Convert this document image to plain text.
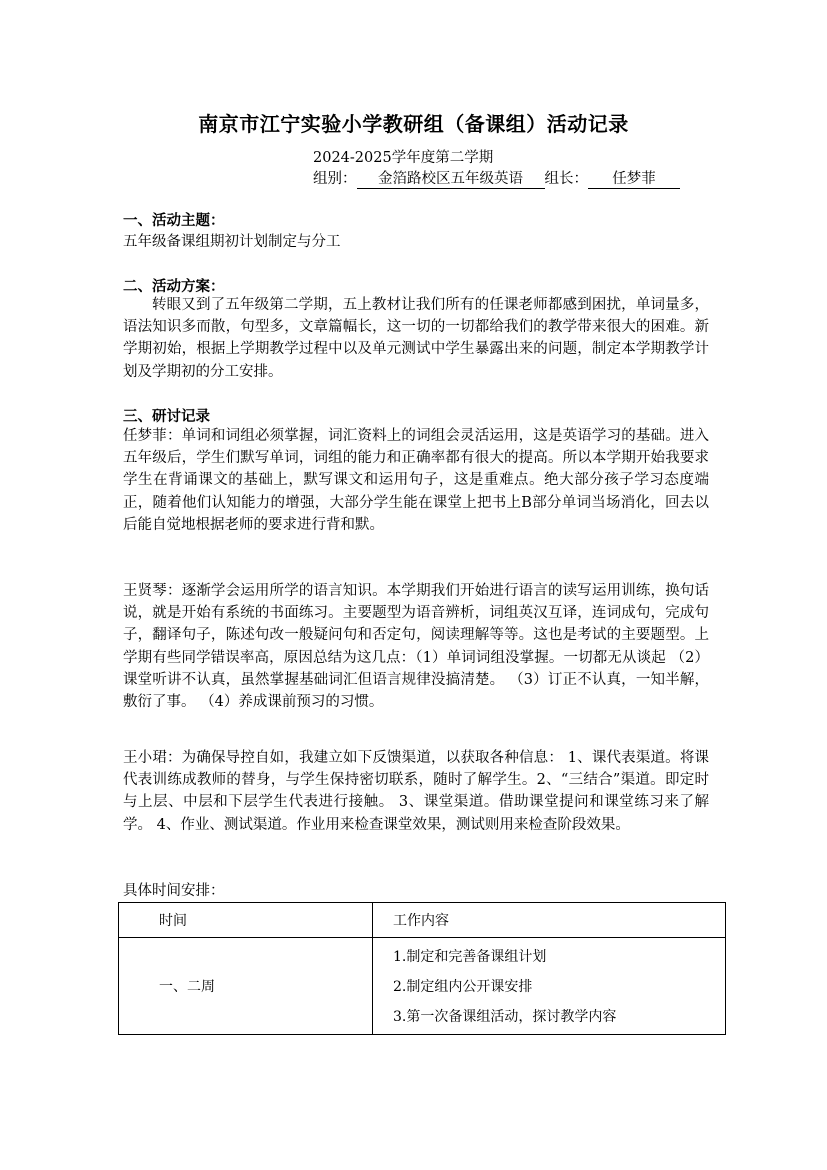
南京市江宁实验小学教研组（备课组）活动记录
2024-2025学年度第二学期
组别： 金箔路校区五年级英语 组长： 任梦菲
一、活动主题：
五年级备课组期初计划制定与分工
二、活动方案：
转眼又到了五年级第二学期，五上教材让我们所有的任课老师都感到困扰，单词量多，语法知识多而散，句型多，文章篇幅长，这一切的一切都给我们的教学带来很大的困难。新学期初始，根据上学期教学过程中以及单元测试中学生暴露出来的问题，制定本学期教学计划及学期初的分工安排。
三、研讨记录
任梦菲：单词和词组必须掌握，词汇资料上的词组会灵活运用，这是英语学习的基础。进入五年级后，学生们默写单词，词组的能力和正确率都有很大的提高。所以本学期开始我要求学生在背诵课文的基础上，默写课文和运用句子，这是重难点。绝大部分孩子学习态度端正，随着他们认知能力的增强，大部分学生能在课堂上把书上B部分单词当场消化，回去以后能自觉地根据老师的要求进行背和默。
王贤琴：逐渐学会运用所学的语言知识。本学期我们开始进行语言的读写运用训练，换句话说，就是开始有系统的书面练习。主要题型为语音辨析，词组英汉互译，连词成句，完成句子，翻译句子，陈述句改一般疑问句和否定句，阅读理解等等。这也是考试的主要题型。上学期有些同学错误率高，原因总结为这几点：（1）单词词组没掌握。一切都无从谈起 （2）课堂听讲不认真，虽然掌握基础词汇但语言规律没搞清楚。 （3）订正不认真，一知半解，敷衍了事。 （4）养成课前预习的习惯。
王小珺：为确保导控自如，我建立如下反馈渠道，以获取各种信息： 1、课代表渠道。将课代表训练成教师的替身，与学生保持密切联系，随时了解学生。2、“三结合”渠道。即定时与上层、中层和下层学生代表进行接触。 3、课堂渠道。借助课堂提问和课堂练习来了解学。 4、作业、测试渠道。作业用来检查课堂效果，测试则用来检查阶段效果。
具体时间安排：
时间	工作内容
一、二周	1.制定和完善备课组计划
2.制定组内公开课安排
3.第一次备课组活动，探讨教学内容
